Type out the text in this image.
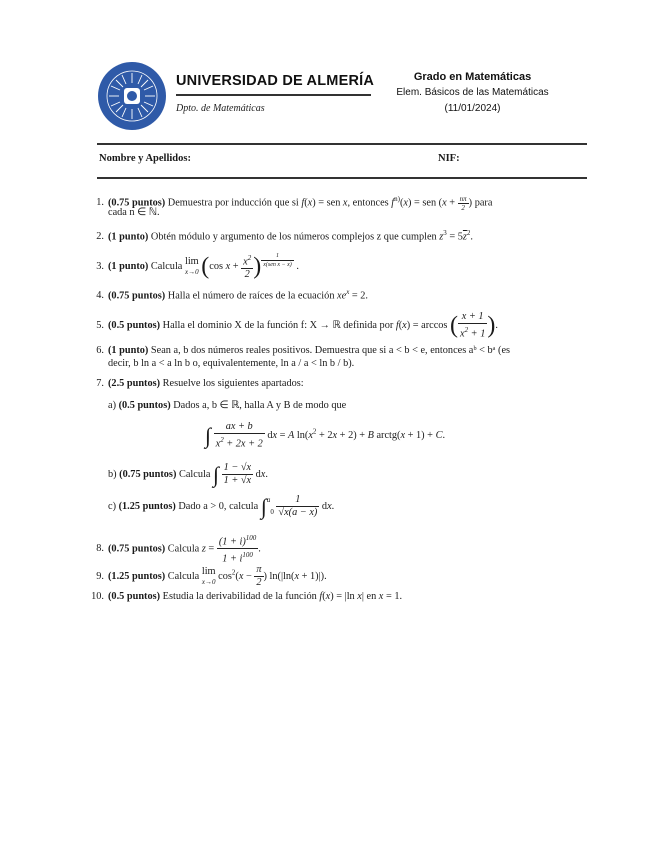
UNIVERSIDAD DE ALMERÍA
Dpto. de Matemáticas
Grado en Matemáticas
Elem. Básicos de las Matemáticas
(11/01/2024)
Nombre y Apellidos:	NIF:
1. (0.75 puntos) Demuestra por inducción que si f(x) = sen x, entonces $f^{n)}(x)$ = sen ($x + \frac{n\pi}{2}$ ) para
cada n ∈ ℕ.
2. (1 punto) Obtén módulo y argumento de los números complejos z que cumplen $z^3 = 5\overline{z}^2$.
3. (1 punto) Calcula lim
x→0 (cos $x + \frac{x^2}{2}$ ) $\frac{1}{\text{x(sen x − x)}}$ .
4. (0.75 puntos) Halla el número de raíces de la ecuación $xe^x = 2$.
5. (0.5 puntos) Halla el dominio X de la función f: X → ℝ definida por f(x) = arccos ( $\frac{x + 1}{x^2 + 1}$ ).
6. (1 punto) Sean a, b dos números reales positivos. Demuestra que si a < b < e, entonces aᵇ < bᵃ (es
decir, b ln a < a ln b o, equivalentemente, ln a / a < ln b / b).
7. (2.5 puntos) Resuelve los siguientes apartados:
a) (0.5 puntos) Dados a, b ∈ ℝ, halla A y B de modo que
∫ $\frac{ax + b}{x^2 + 2x + 2}$ dx = A $\ln(x^2 + 2x + 2) + B$ arctg(x + 1) + C.
b) (0.75 puntos) Calcula ∫ $\frac{1 - √x}{1 + √x}$ dx.
c) (1.25 puntos) Dado a > 0, calcula $\int^a0 \frac{1}{√x(a - x)}$ dx.
8. (0.75 puntos) Calcula $z = \frac{(1 + i)^{100}}{1 + i^{100}}$ .
9. (1.25 puntos) Calcula lim
x→0 $\cos^2(x - \frac{\pi}{2}$ ) ln(|ln(x + 1)|).
10. (0.5 puntos) Estudia la derivabilidad de la función f(x) = |ln x| en x = 1.
